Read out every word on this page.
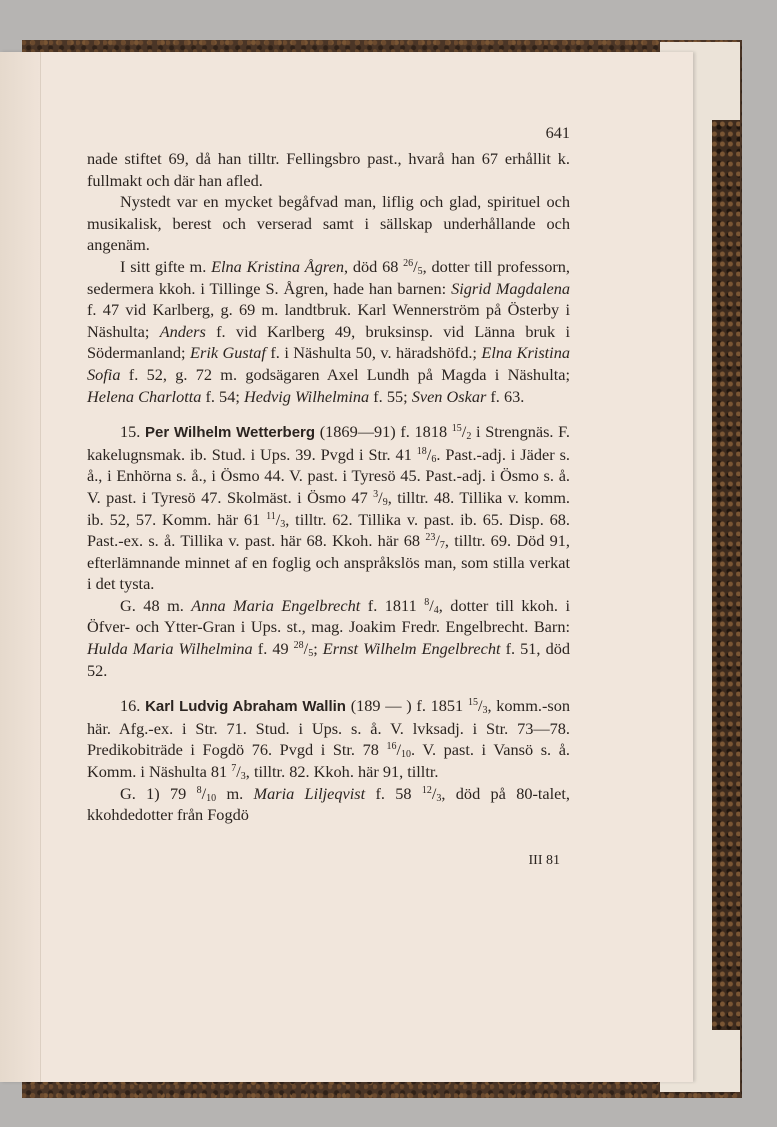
641

nade stiftet 69, då han tilltr. Fellingsbro past., hvarå han 67 erhållit k. fullmakt och där han afled.

Nystedt var en mycket begåfvad man, liflig och glad, spirituel och musikalisk, berest och verserad samt i sällskap underhållande och angenäm.

I sitt gifte m. Elna Kristina Ågren, död 68 $^{26}/_5$, dotter till professorn, sedermera kkoh. i Tillinge S. Ågren, hade han barnen: Sigrid Magdalena f. 47 vid Karlberg, g. 69 m. landtbruk. Karl Wennerström på Österby i Näshulta; Anders f. vid Karlberg 49, bruksinsp. vid Länna bruk i Södermanland; Erik Gustaf f. i Näshulta 50, v. häradshöfd.; Elna Kristina Sofia f. 52, g. 72 m. godsägaren Axel Lundh på Magda i Näshulta; Helena Charlotta f. 54; Hedvig Wilhelmina f. 55; Sven Oskar f. 63.

15. Per Wilhelm Wetterberg (1869—91) f. 1818 $^{15}/_2$ i Strengnäs. F. kakelugnsmak. ib. Stud. i Ups. 39. Pvgd i Str. 41 $^{18}/_6$. Past.-adj. i Jäder s. å., i Enhörna s. å., i Ösmo 44. V. past. i Tyresö 45. Past.-adj. i Ösmo s. å. V. past. i Tyresö 47. Skolmäst. i Ösmo 47 $^3/_9$, tilltr. 48. Tillika v. komm. ib. 52, 57. Komm. här 61 $^{11}/_3$, tilltr. 62. Tillika v. past. ib. 65. Disp. 68. Past.-ex. s. å. Tillika v. past. här 68. Kkoh. här 68 $^{23}/_7$, tilltr. 69. Död 91, efterlämnande minnet af en foglig och anspråkslös man, som stilla verkat i det tysta.

G. 48 m. Anna Maria Engelbrecht f. 1811 $^8/_4$, dotter till kkoh. i Öfver- och Ytter-Gran i Ups. st., mag. Joakim Fredr. Engelbrecht. Barn: Hulda Maria Wilhelmina f. 49 $^{28}/_5$; Ernst Wilhelm Engelbrecht f. 51, död 52.

16. Karl Ludvig Abraham Wallin (189 — ) f. 1851 $^{15}/_3$, komm.-son här. Afg.-ex. i Str. 71. Stud. i Ups. s. å. V. lvksadj. i Str. 73—78. Predikobiträde i Fogdö 76. Pvgd i Str. 78 $^{16}/_{10}$. V. past. i Vansö s. å. Komm. i Näshulta 81 $^7/_3$, tilltr. 82. Kkoh. här 91, tilltr.

G. 1) 79 $^8/_{10}$ m. Maria Liljeqvist f. 58 $^{12}/_3$, död på 80-talet, kkohdedotter från Fogdö

III 81
